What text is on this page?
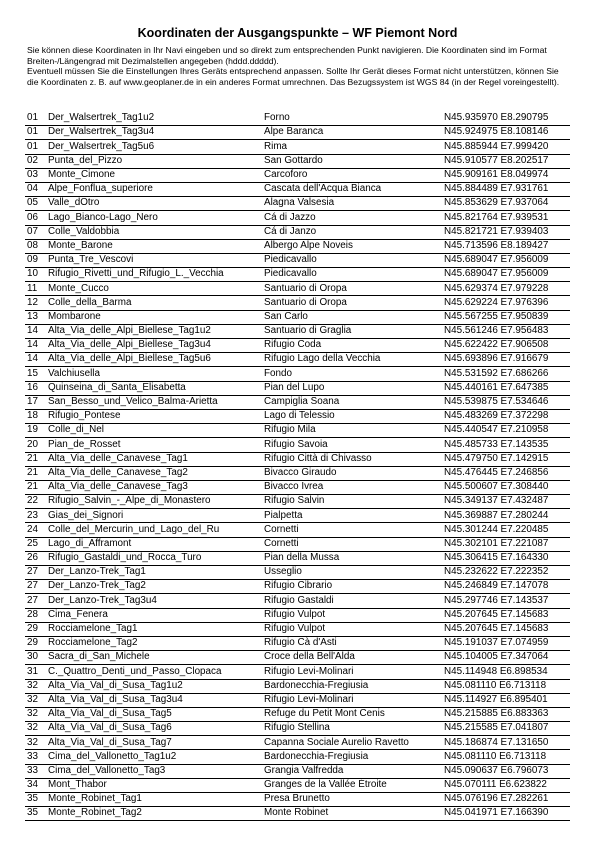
Koordinaten der Ausgangspunkte – WF Piemont Nord

Sie können diese Koordinaten in Ihr Navi eingeben und so direkt zum entsprechenden Punkt navigieren. Die Koordinaten sind im Format Breiten-/Längengrad mit Dezimalstellen angegeben (hddd.ddddd).

Eventuell müssen Sie die Einstellungen Ihres Geräts entsprechend anpassen. Sollte Ihr Gerät dieses Format nicht unterstützen, können Sie die Koordinaten z. B. auf www.geoplaner.de in ein anderes Format umrechnen. Das Bezugssystem ist WGS 84 (in der Regel voreingestellt).

01	Der_Walsertrek_Tag1u2	Forno	N45.935970 E8.290795
01	Der_Walsertrek_Tag3u4	Alpe Baranca	N45.924975 E8.108146
01	Der_Walsertrek_Tag5u6	Rima	N45.885944 E7.999420
02	Punta_del_Pizzo	San Gottardo	N45.910577 E8.202517
03	Monte_Cimone	Carcoforo	N45.909161 E8.049974
04	Alpe_Fonflua_superiore	Cascata dell'Acqua Bianca	N45.884489 E7.931761
05	Valle_dOtro	Alagna Valsesia	N45.853629 E7.937064
06	Lago_Bianco-Lago_Nero	Cá di Jazzo	N45.821764 E7.939531
07	Colle_Valdobbia	Cá di Janzo	N45.821721 E7.939403
08	Monte_Barone	Albergo Alpe Noveis	N45.713596 E8.189427
09	Punta_Tre_Vescovi	Piedicavallo	N45.689047 E7.956009
10	Rifugio_Rivetti_und_Rifugio_L._Vecchia	Piedicavallo	N45.689047 E7.956009
11	Monte_Cucco	Santuario di Oropa	N45.629374 E7.979228
12	Colle_della_Barma	Santuario di Oropa	N45.629224 E7.976396
13	Mombarone	San Carlo	N45.567255 E7.950839
14	Alta_Via_delle_Alpi_Biellese_Tag1u2	Santuario di Graglia	N45.561246 E7.956483
14	Alta_Via_delle_Alpi_Biellese_Tag3u4	Rifugio Coda	N45.622422 E7.906508
14	Alta_Via_delle_Alpi_Biellese_Tag5u6	Rifugio Lago della Vecchia	N45.693896 E7.916679
15	Valchiusella	Fondo	N45.531592 E7.686266
16	Quinseina_di_Santa_Elisabetta	Pian del Lupo	N45.440161 E7.647385
17	San_Besso_und_Velico_Balma-Arietta	Campiglia Soana	N45.539875 E7.534646
18	Rifugio_Pontese	Lago di Telessio	N45.483269 E7.372298
19	Colle_di_Nel	Rifugio Mila	N45.440547 E7.210958
20	Pian_de_Rosset	Rifugio Savoia	N45.485733 E7.143535
21	Alta_Via_delle_Canavese_Tag1	Rifugio Città di Chivasso	N45.479750 E7.142915
21	Alta_Via_delle_Canavese_Tag2	Bivacco Giraudo	N45.476445 E7.246856
21	Alta_Via_delle_Canavese_Tag3	Bivacco Ivrea	N45.500607 E7.308440
22	Rifugio_Salvin_-_Alpe_di_Monastero	Rifugio Salvin	N45.349137 E7.432487
23	Gias_dei_Signori	Pialpetta	N45.369887 E7.280244
24	Colle_del_Mercurin_und_Lago_del_Ru	Cornetti	N45.301244 E7.220485
25	Lago_di_Afframont	Cornetti	N45.302101 E7.221087
26	Rifugio_Gastaldi_und_Rocca_Turo	Pian della Mussa	N45.306415 E7.164330
27	Der_Lanzo-Trek_Tag1	Usseglio	N45.232622 E7.222352
27	Der_Lanzo-Trek_Tag2	Rifugio Cibrario	N45.246849 E7.147078
27	Der_Lanzo-Trek_Tag3u4	Rifugio Gastaldi	N45.297746 E7.143537
28	Cima_Fenera	Rifugio Vulpot	N45.207645 E7.145683
29	Rocciamelone_Tag1	Rifugio Vulpot	N45.207645 E7.145683
29	Rocciamelone_Tag2	Rifugio Cà d'Asti	N45.191037 E7.074959
30	Sacra_di_San_Michele	Croce della Bell'Alda	N45.104005 E7.347064
31	C._Quattro_Denti_und_Passo_Clopaca	Rifugio Levi-Molinari	N45.114948 E6.898534
32	Alta_Via_Val_di_Susa_Tag1u2	Bardonecchia-Fregiusia	N45.081110 E6.713118
32	Alta_Via_Val_di_Susa_Tag3u4	Rifugio Levi-Molinari	N45.114927 E6.895401
32	Alta_Via_Val_di_Susa_Tag5	Refuge du Petit Mont Cenis	N45.215885 E6.883363
32	Alta_Via_Val_di_Susa_Tag6	Rifugio Stellina	N45.215585 E7.041807
32	Alta_Via_Val_di_Susa_Tag7	Capanna Sociale Aurelio Ravetto	N45.186874 E7.131650
33	Cima_del_Vallonetto_Tag1u2	Bardonecchia-Fregiusia	N45.081110 E6.713118
33	Cima_del_Vallonetto_Tag3	Grangia Valfredda	N45.090637 E6.796073
34	Mont_Thabor	Granges de la Vallée Étroite	N45.070111 E6.623822
35	Monte_Robinet_Tag1	Presa Brunetto	N45.076196 E7.282261
35	Monte_Robinet_Tag2	Monte Robinet	N45.041971 E7.166390
